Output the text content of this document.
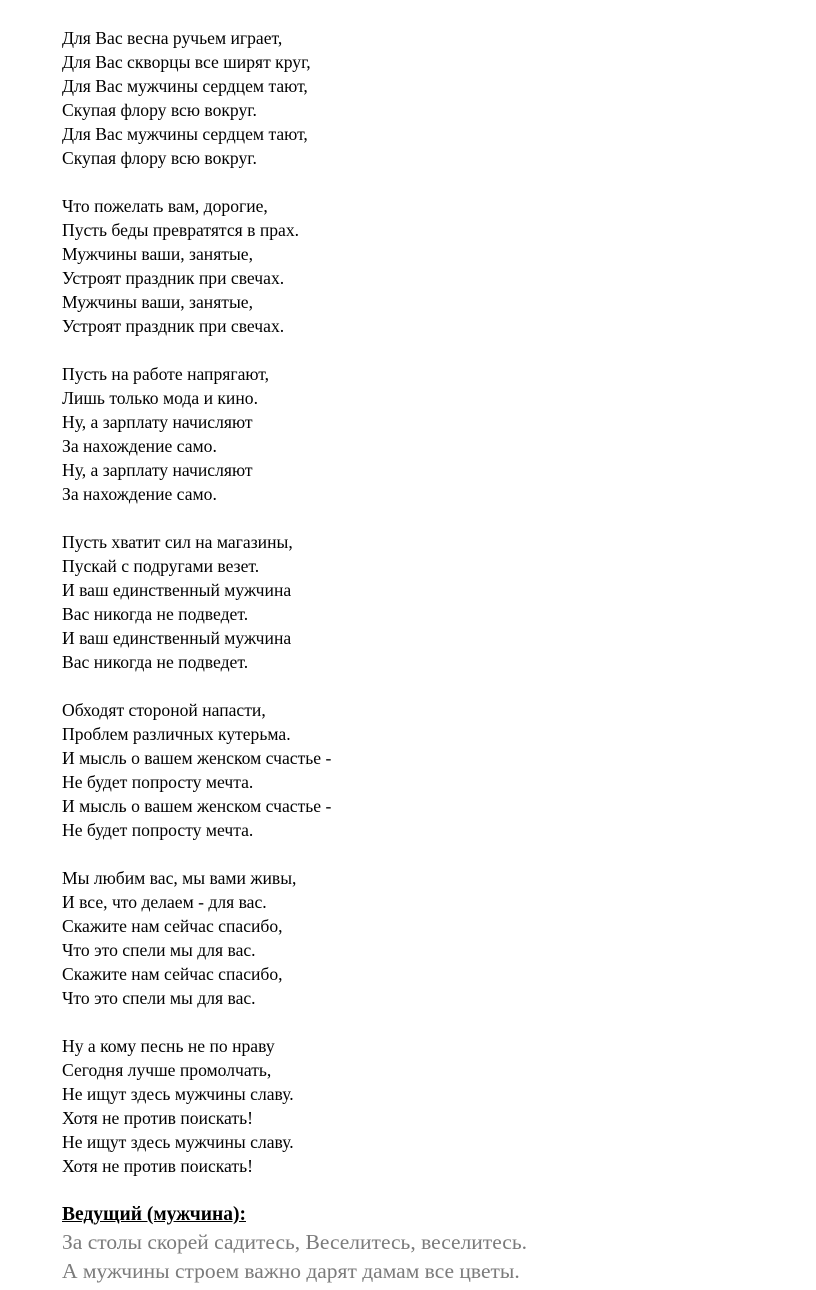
Для Вас весна ручьем играет,
Для Вас скворцы все ширят круг,
Для Вас мужчины сердцем тают,
Скупая флору всю вокруг.
Для Вас мужчины сердцем тают,
Скупая флору всю вокруг.
Что пожелать вам, дорогие,
Пусть беды превратятся в прах.
Мужчины ваши, занятые,
Устроят праздник при свечах.
Мужчины ваши, занятые,
Устроят праздник при свечах.
Пусть на работе напрягают,
Лишь только мода и кино.
Ну, а зарплату начисляют
За нахождение само.
Ну, а зарплату начисляют
За нахождение само.
Пусть хватит сил на магазины,
Пускай с подругами везет.
И ваш единственный мужчина
Вас никогда не подведет.
И ваш единственный мужчина
Вас никогда не подведет.
Обходят стороной напасти,
Проблем различных кутерьма.
И мысль о вашем женском счастье -
Не будет попросту мечта.
И мысль о вашем женском счастье -
Не будет попросту мечта.
Мы любим вас, мы вами живы,
И все, что делаем - для вас.
Скажите нам сейчас спасибо,
Что это спели мы для вас.
Скажите нам сейчас спасибо,
Что это спели мы для вас.
Ну а кому песнь не по нраву
Сегодня лучше промолчать,
Не ищут здесь мужчины славу.
Хотя не против поискать!
Не ищут здесь мужчины славу.
Хотя не против поискать!
Ведущий (мужчина):
За столы скорей садитесь, Веселитесь, веселитесь.
А мужчины строем важно дарят дамам все цветы.
